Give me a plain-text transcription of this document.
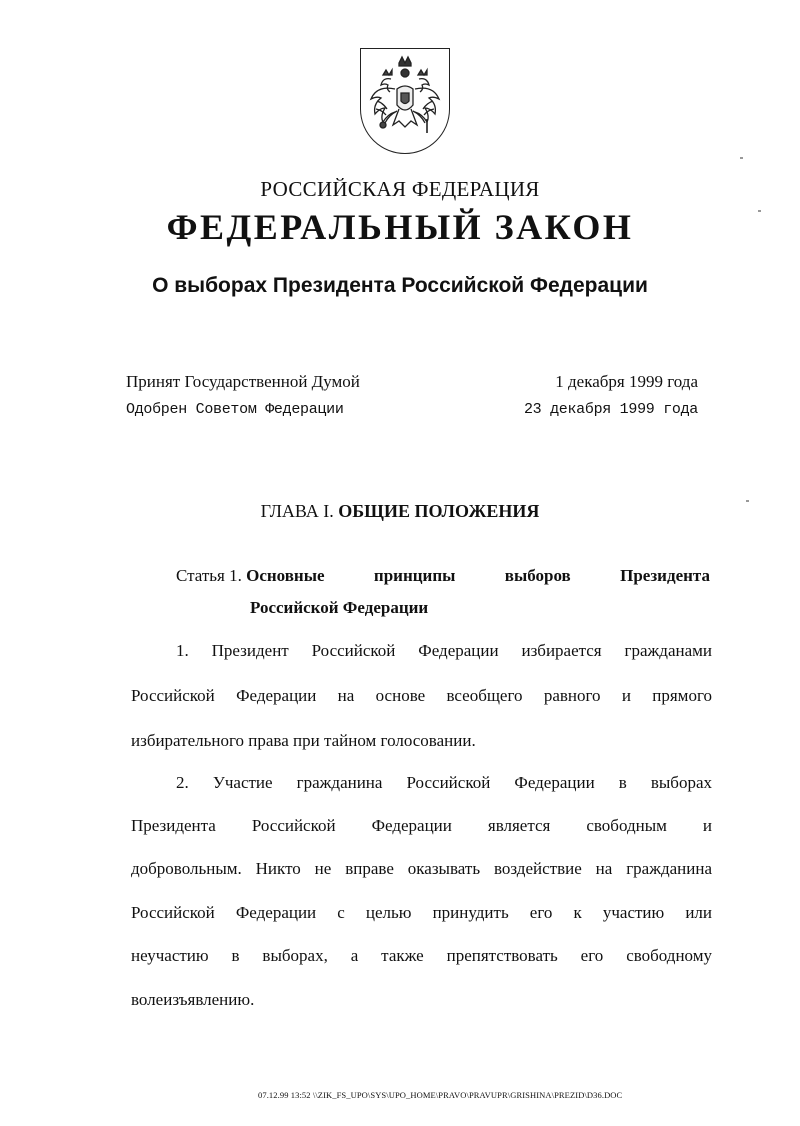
РОССИЙСКАЯ ФЕДЕРАЦИЯ
ФЕДЕРАЛЬНЫЙ ЗАКОН
О выборах Президента Российской Федерации
Принят Государственной Думой	1 декабря 1999 года
Одобрен Советом Федерации	23 декабря 1999 года
ГЛАВА I. ОБЩИЕ ПОЛОЖЕНИЯ
Статья 1. Основные	принципы	выборов	Президента
Российской Федерации
1. Президент Российской Федерации избирается гражданами
Российской Федерации на основе всеобщего равного и прямого
избирательного права при тайном голосовании.
2. Участие гражданина Российской Федерации в выборах
Президента Российской Федерации является свободным и
добровольным. Никто не вправе оказывать воздействие на гражданина
Российской Федерации с целью принудить его к участию или
неучастию в выборах, а также препятствовать его свободному
волеизъявлению.
07.12.99 13:52 \\ZIK_FS_UPO\SYS\UPO_HOME\PRAVO\PRAVUPR\GRISHINA\PREZID\D36.DOC
